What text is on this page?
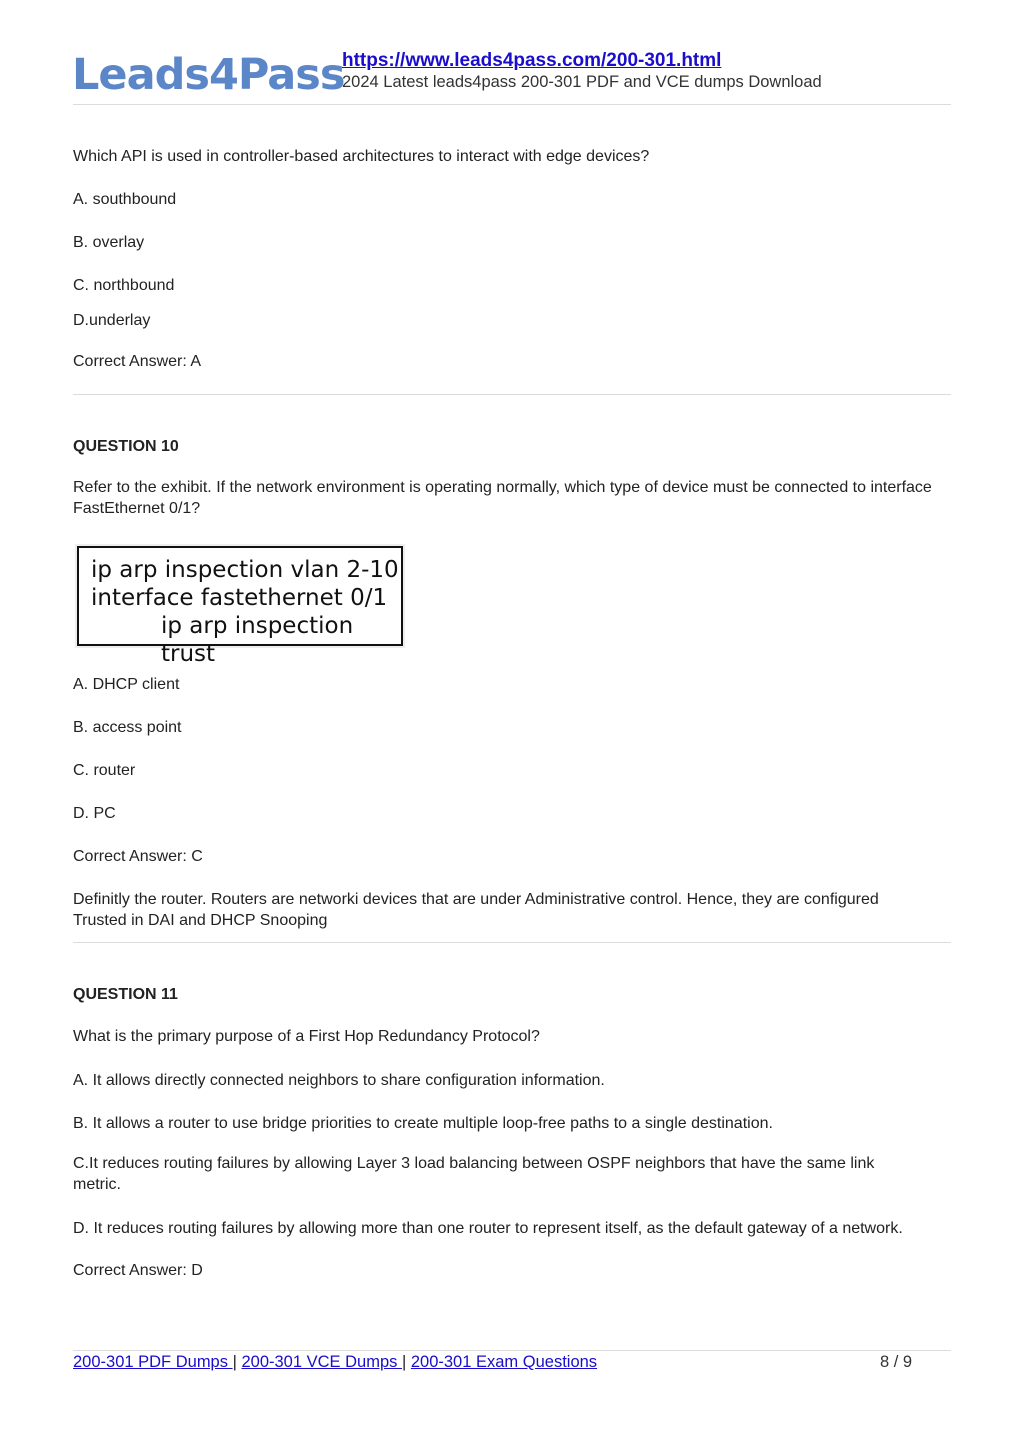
Leads4Pass
https://www.leads4pass.com/200-301.html
2024 Latest leads4pass 200-301 PDF and VCE dumps Download
Which API is used in controller-based architectures to interact with edge devices?
A. southbound
B. overlay
C. northbound
D.underlay
Correct Answer: A
QUESTION 10
Refer to the exhibit. If the network environment is operating normally, which type of device must be connected to interface FastEthernet 0/1?
ip arp inspection vlan 2-10
interface fastethernet 0/1
ip arp inspection trust
A. DHCP client
B. access point
C. router
D. PC
Correct Answer: C
Definitly the router. Routers are networki devices that are under Administrative control. Hence, they are configured Trusted in DAI and DHCP Snooping
QUESTION 11
What is the primary purpose of a First Hop Redundancy Protocol?
A. It allows directly connected neighbors to share configuration information.
B. It allows a router to use bridge priorities to create multiple loop-free paths to a single destination.
C.It reduces routing failures by allowing Layer 3 load balancing between OSPF neighbors that have the same link metric.
D. It reduces routing failures by allowing more than one router to represent itself, as the default gateway of a network.
Correct Answer: D
200-301 PDF Dumps | 200-301 VCE Dumps | 200-301 Exam Questions	8 / 9
